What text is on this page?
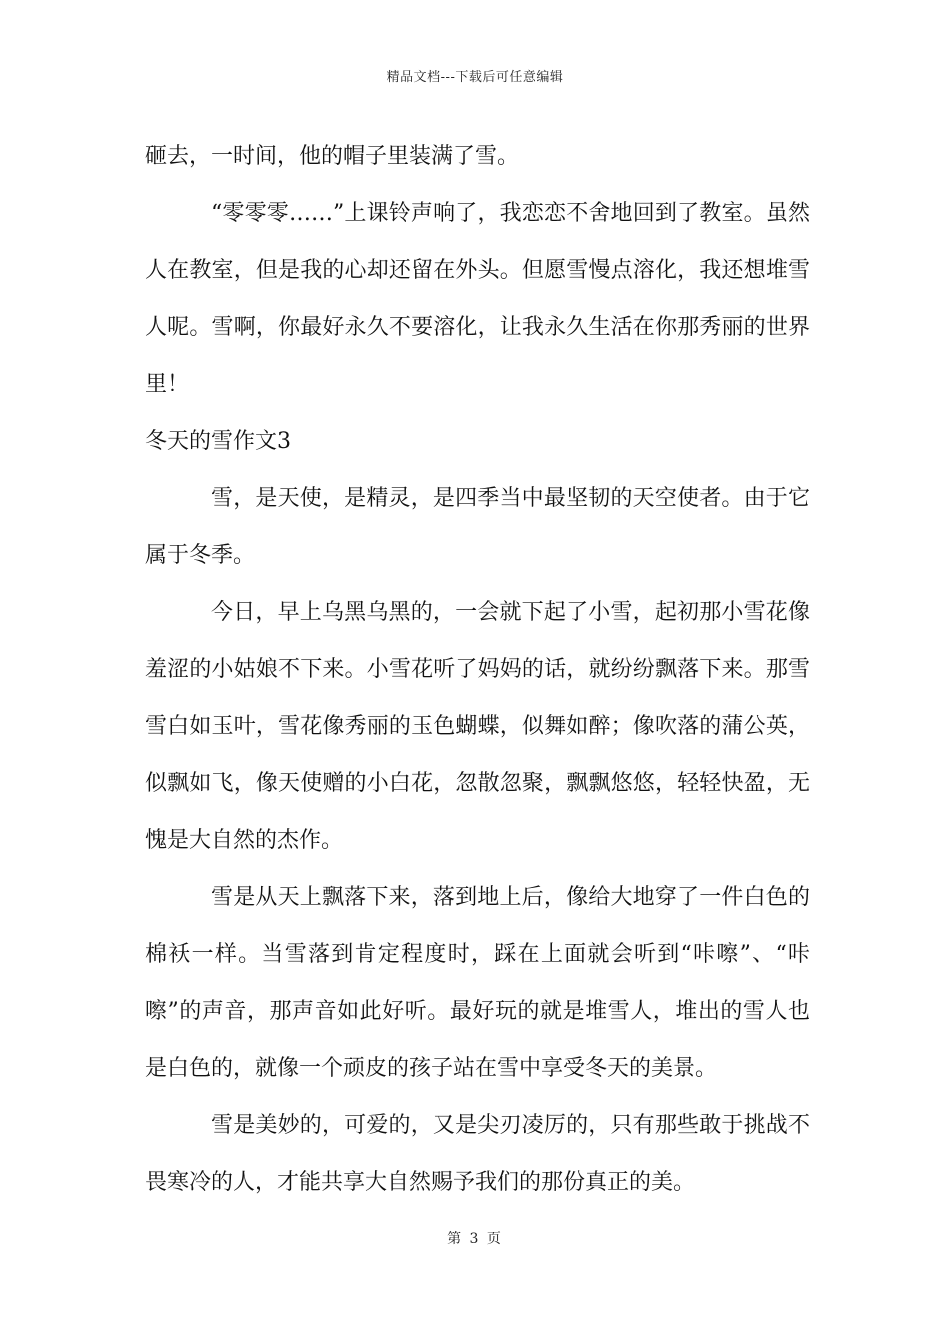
精品文档---下载后可任意编辑

砸去，一时间，他的帽子里装满了雪。

“零零零……”上课铃声响了，我恋恋不舍地回到了教室。虽然人在教室，但是我的心却还留在外头。但愿雪慢点溶化，我还想堆雪人呢。雪啊，你最好永久不要溶化，让我永久生活在你那秀丽的世界里！

冬天的雪作文3

雪，是天使，是精灵，是四季当中最坚韧的天空使者。由于它属于冬季。

今日，早上乌黑乌黑的，一会就下起了小雪，起初那小雪花像羞涩的小姑娘不下来。小雪花听了妈妈的话，就纷纷飘落下来。那雪雪白如玉叶，雪花像秀丽的玉色蝴蝶，似舞如醉；像吹落的蒲公英，似飘如飞，像天使赠的小白花，忽散忽聚，飘飘悠悠，轻轻快盈，无愧是大自然的杰作。

雪是从天上飘落下来，落到地上后，像给大地穿了一件白色的棉袄一样。当雪落到肯定程度时，踩在上面就会听到“咔嚓”、“咔嚓”的声音，那声音如此好听。最好玩的就是堆雪人，堆出的雪人也是白色的，就像一个顽皮的孩子站在雪中享受冬天的美景。

雪是美妙的，可爱的，又是尖刃凌厉的，只有那些敢于挑战不畏寒冷的人，才能共享大自然赐予我们的那份真正的美。

第 3 页
